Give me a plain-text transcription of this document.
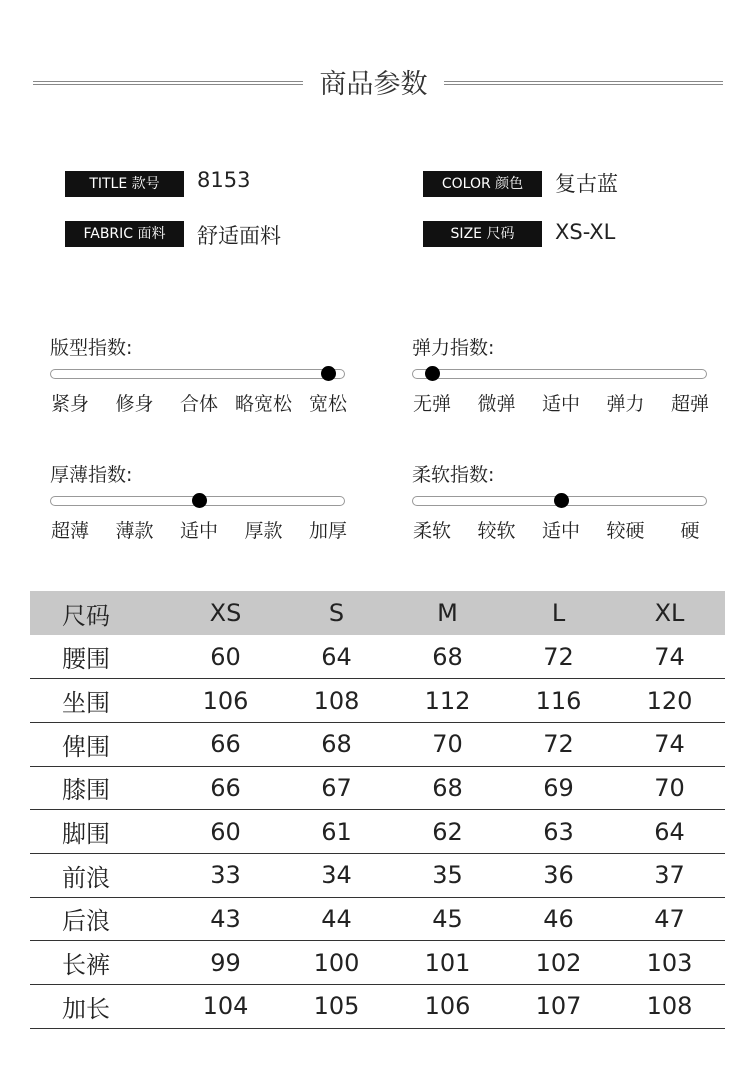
商品参数
TITLE 款号	8153	COLOR 颜色	复古蓝
FABRIC 面料	舒适面料	SIZE 尺码	XS-XL
版型指数:
紧身 修身 合体 略宽松 宽松
弹力指数:
无弹 微弹 适中 弹力 超弹
厚薄指数:
超薄 薄款 适中 厚款 加厚
柔软指数:
柔软 较软 适中 较硬 硬
尺码	XS	S	M	L	XL
腰围	60	64	68	72	74
坐围	106	108	112	116	120
俾围	66	68	70	72	74
膝围	66	67	68	69	70
脚围	60	61	62	63	64
前浪	33	34	35	36	37
后浪	43	44	45	46	47
长裤	99	100	101	102	103
加长	104	105	106	107	108
